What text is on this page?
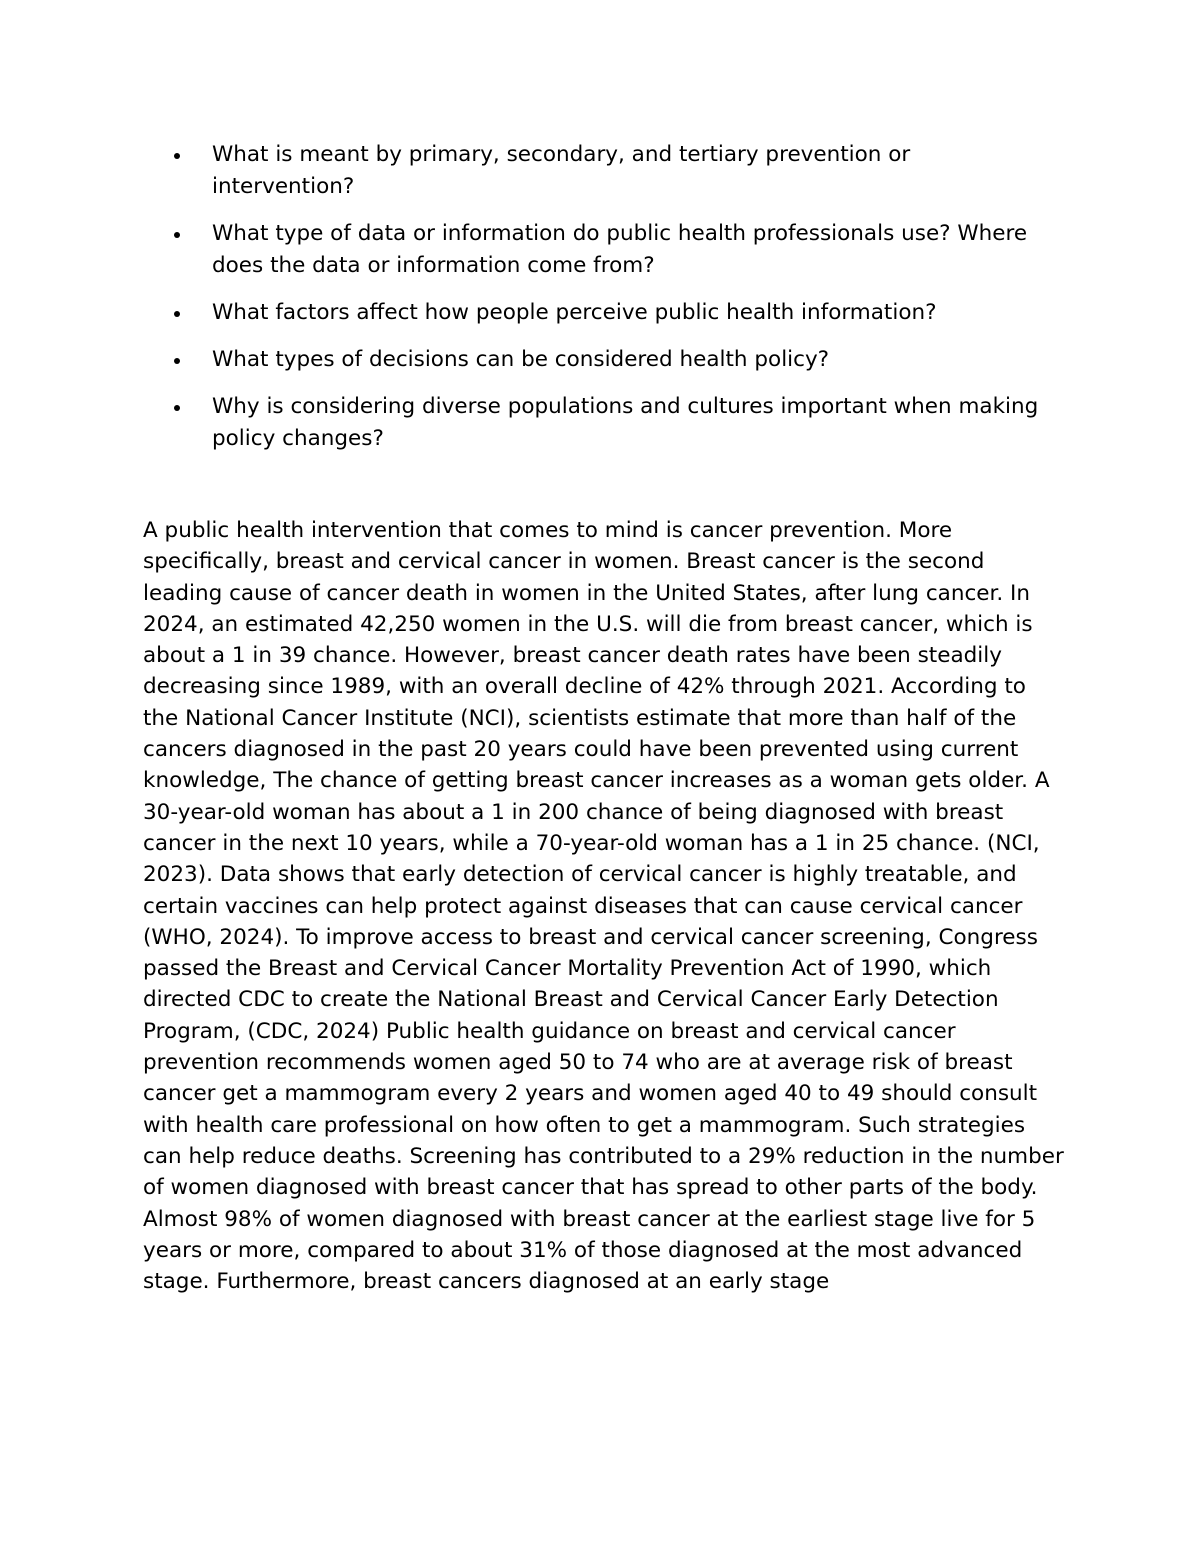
What is meant by primary, secondary, and tertiary prevention or intervention?
What type of data or information do public health professionals use? Where does the data or information come from?
What factors affect how people perceive public health information?
What types of decisions can be considered health policy?
Why is considering diverse populations and cultures important when making policy changes?

A public health intervention that comes to mind is cancer prevention. More specifically, breast and cervical cancer in women. Breast cancer is the second leading cause of cancer death in women in the United States, after lung cancer. In 2024, an estimated 42,250 women in the U.S. will die from breast cancer, which is about a 1 in 39 chance. However, breast cancer death rates have been steadily decreasing since 1989, with an overall decline of 42% through 2021. According to the National Cancer Institute (NCI), scientists estimate that more than half of the cancers diagnosed in the past 20 years could have been prevented using current knowledge, The chance of getting breast cancer increases as a woman gets older. A 30-year-old woman has about a 1 in 200 chance of being diagnosed with breast cancer in the next 10 years, while a 70-year-old woman has a 1 in 25 chance. (NCI, 2023). Data shows that early detection of cervical cancer is highly treatable, and certain vaccines can help protect against diseases that can cause cervical cancer (WHO, 2024). To improve access to breast and cervical cancer screening, Congress passed the Breast and Cervical Cancer Mortality Prevention Act of 1990, which directed CDC to create the National Breast and Cervical Cancer Early Detection Program, (CDC, 2024) Public health guidance on breast and cervical cancer prevention recommends women aged 50 to 74 who are at average risk of breast cancer get a mammogram every 2 years and women aged 40 to 49 should consult with health care professional on how often to get a mammogram. Such strategies can help reduce deaths. Screening has contributed to a 29% reduction in the number of women diagnosed with breast cancer that has spread to other parts of the body. Almost 98% of women diagnosed with breast cancer at the earliest stage live for 5 years or more, compared to about 31% of those diagnosed at the most advanced stage. Furthermore, breast cancers diagnosed at an early stage
